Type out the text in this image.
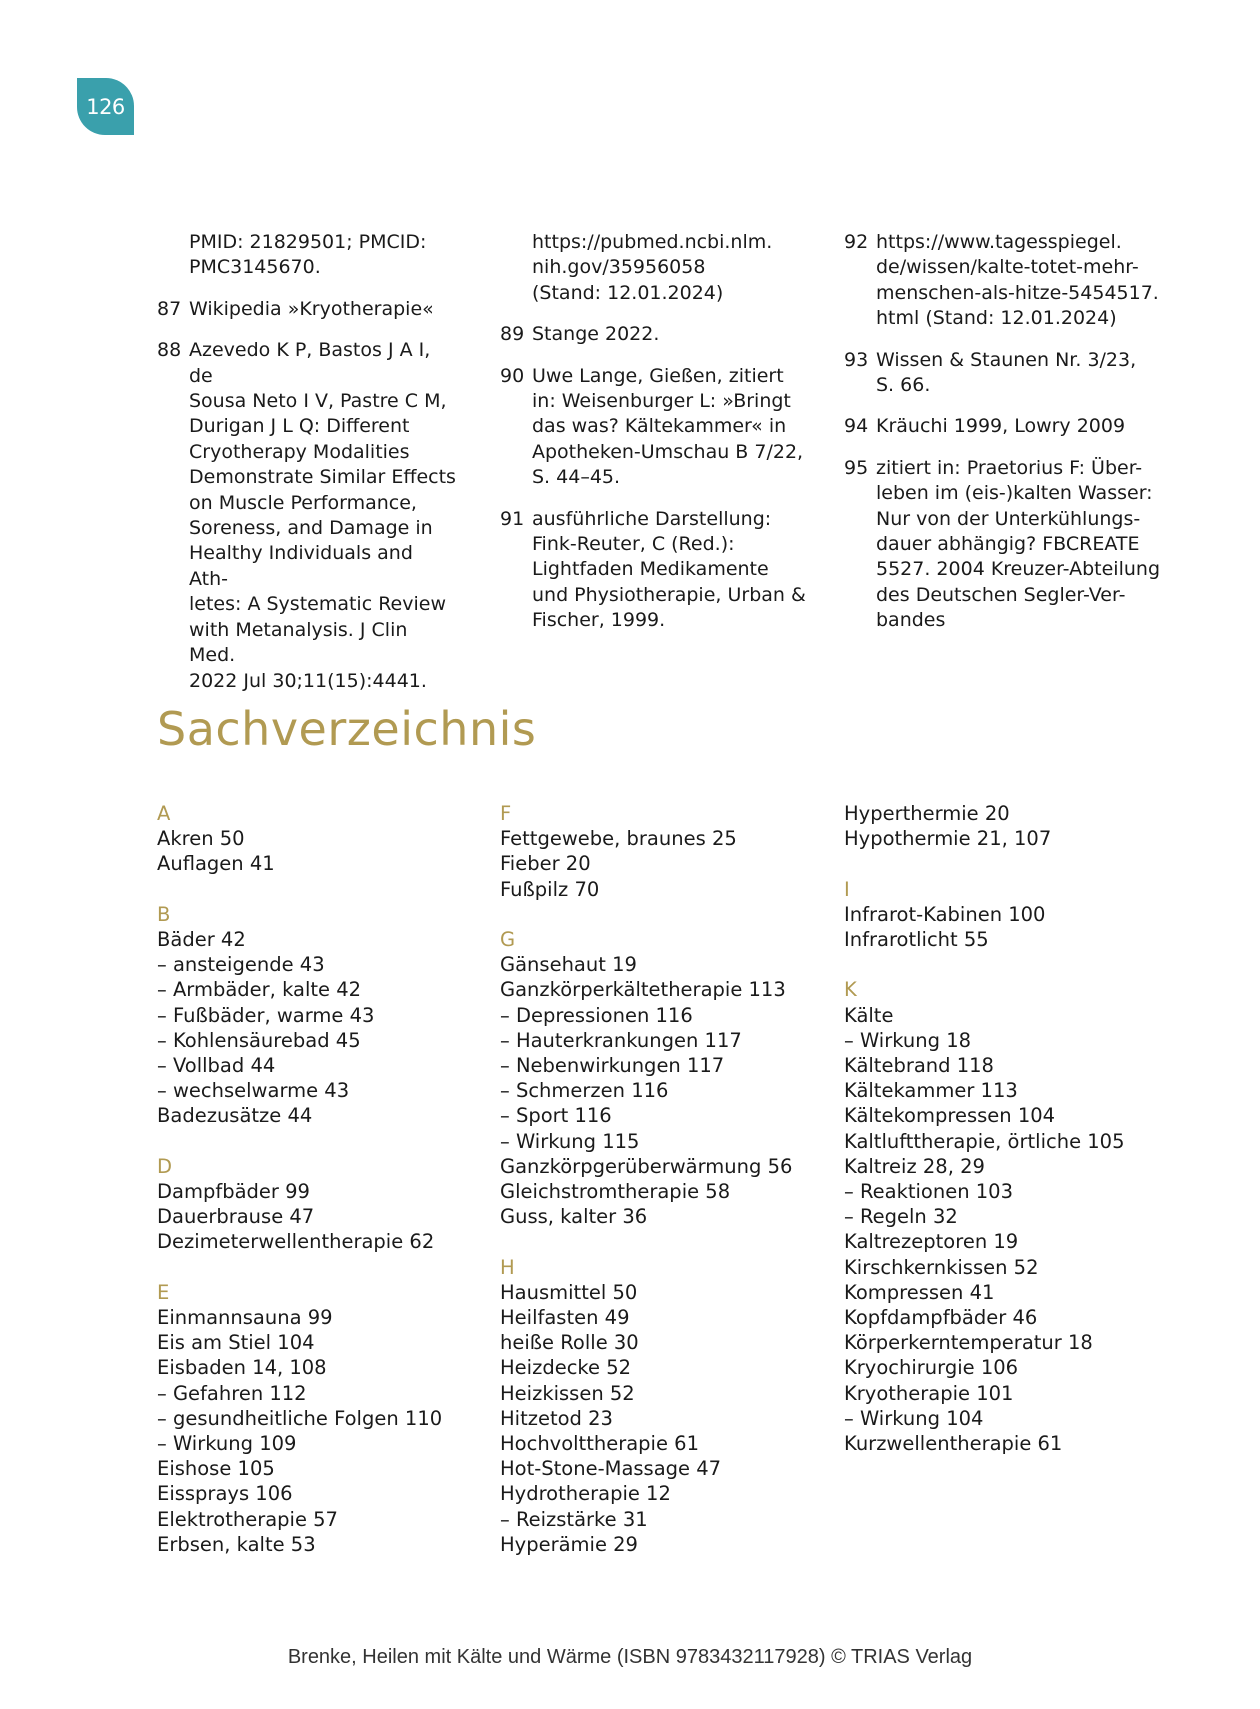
126
PMID: 21829501; PMCID:
PMC3145670.
87 Wikipedia »Kryotherapie«
88 Azevedo K P, Bastos J A I, de
Sousa Neto I V, Pastre C M,
Durigan J L Q: Different
Cryotherapy Modalities
Demonstrate Similar Effects
on Muscle Performance,
Soreness, and Damage in
Healthy Individuals and Ath-
letes: A Systematic Review
with Metanalysis. J Clin Med.
2022 Jul 30;11(15):4441.
https://pubmed.ncbi.nlm.
nih.gov/35956058
(Stand: 12.01.2024)
89 Stange 2022.
90 Uwe Lange, Gießen, zitiert
in: Weisenburger L: »Bringt
das was? Kältekammer« in
Apotheken-Umschau B 7/22,
S. 44–45.
91 ausführliche Darstellung:
Fink-Reuter, C (Red.):
Lightfaden Medikamente
und Physiotherapie, Urban &
Fischer, 1999.
92 https://www.tagesspiegel.
de/wissen/kalte-totet-mehr-
menschen-als-hitze-5454517.
html (Stand: 12.01.2024)
93 Wissen & Staunen Nr. 3/23,
S. 66.
94 Kräuchi 1999, Lowry 2009
95 zitiert in: Praetorius F: Über-
leben im (eis-)kalten Wasser:
Nur von der Unterkühlungs-
dauer abhängig? FBCREATE
5527. 2004 Kreuzer-Abteilung
des Deutschen Segler-Ver-
bandes
Sachverzeichnis
A
Akren 50
Auflagen 41
B
Bäder 42
– ansteigende 43
– Armbäder, kalte 42
– Fußbäder, warme 43
– Kohlensäurebad 45
– Vollbad 44
– wechselwarme 43
Badezusätze 44
D
Dampfbäder 99
Dauerbrause 47
Dezimeterwellentherapie 62
E
Einmannsauna 99
Eis am Stiel 104
Eisbaden 14, 108
– Gefahren 112
– gesundheitliche Folgen 110
– Wirkung 109
Eishose 105
Eissprays 106
Elektrotherapie 57
Erbsen, kalte 53
F
Fettgewebe, braunes 25
Fieber 20
Fußpilz 70
G
Gänsehaut 19
Ganzkörperkältetherapie 113
– Depressionen 116
– Hauterkrankungen 117
– Nebenwirkungen 117
– Schmerzen 116
– Sport 116
– Wirkung 115
Ganzkörpgerüberwärmung 56
Gleichstromtherapie 58
Guss, kalter 36
H
Hausmittel 50
Heilfasten 49
heiße Rolle 30
Heizdecke 52
Heizkissen 52
Hitzetod 23
Hochvolttherapie 61
Hot-Stone-Massage 47
Hydrotherapie 12
– Reizstärke 31
Hyperämie 29
Hyperthermie 20
Hypothermie 21, 107
I
Infrarot-Kabinen 100
Infrarotlicht 55
K
Kälte
– Wirkung 18
Kältebrand 118
Kältekammer 113
Kältekompressen 104
Kaltlufttherapie, örtliche 105
Kaltreiz 28, 29
– Reaktionen 103
– Regeln 32
Kaltrezeptoren 19
Kirschkernkissen 52
Kompressen 41
Kopfdampfbäder 46
Körperkerntemperatur 18
Kryochirurgie 106
Kryotherapie 101
– Wirkung 104
Kurzwellentherapie 61
Brenke, Heilen mit Kälte und Wärme (ISBN 9783432117928) © TRIAS Verlag
